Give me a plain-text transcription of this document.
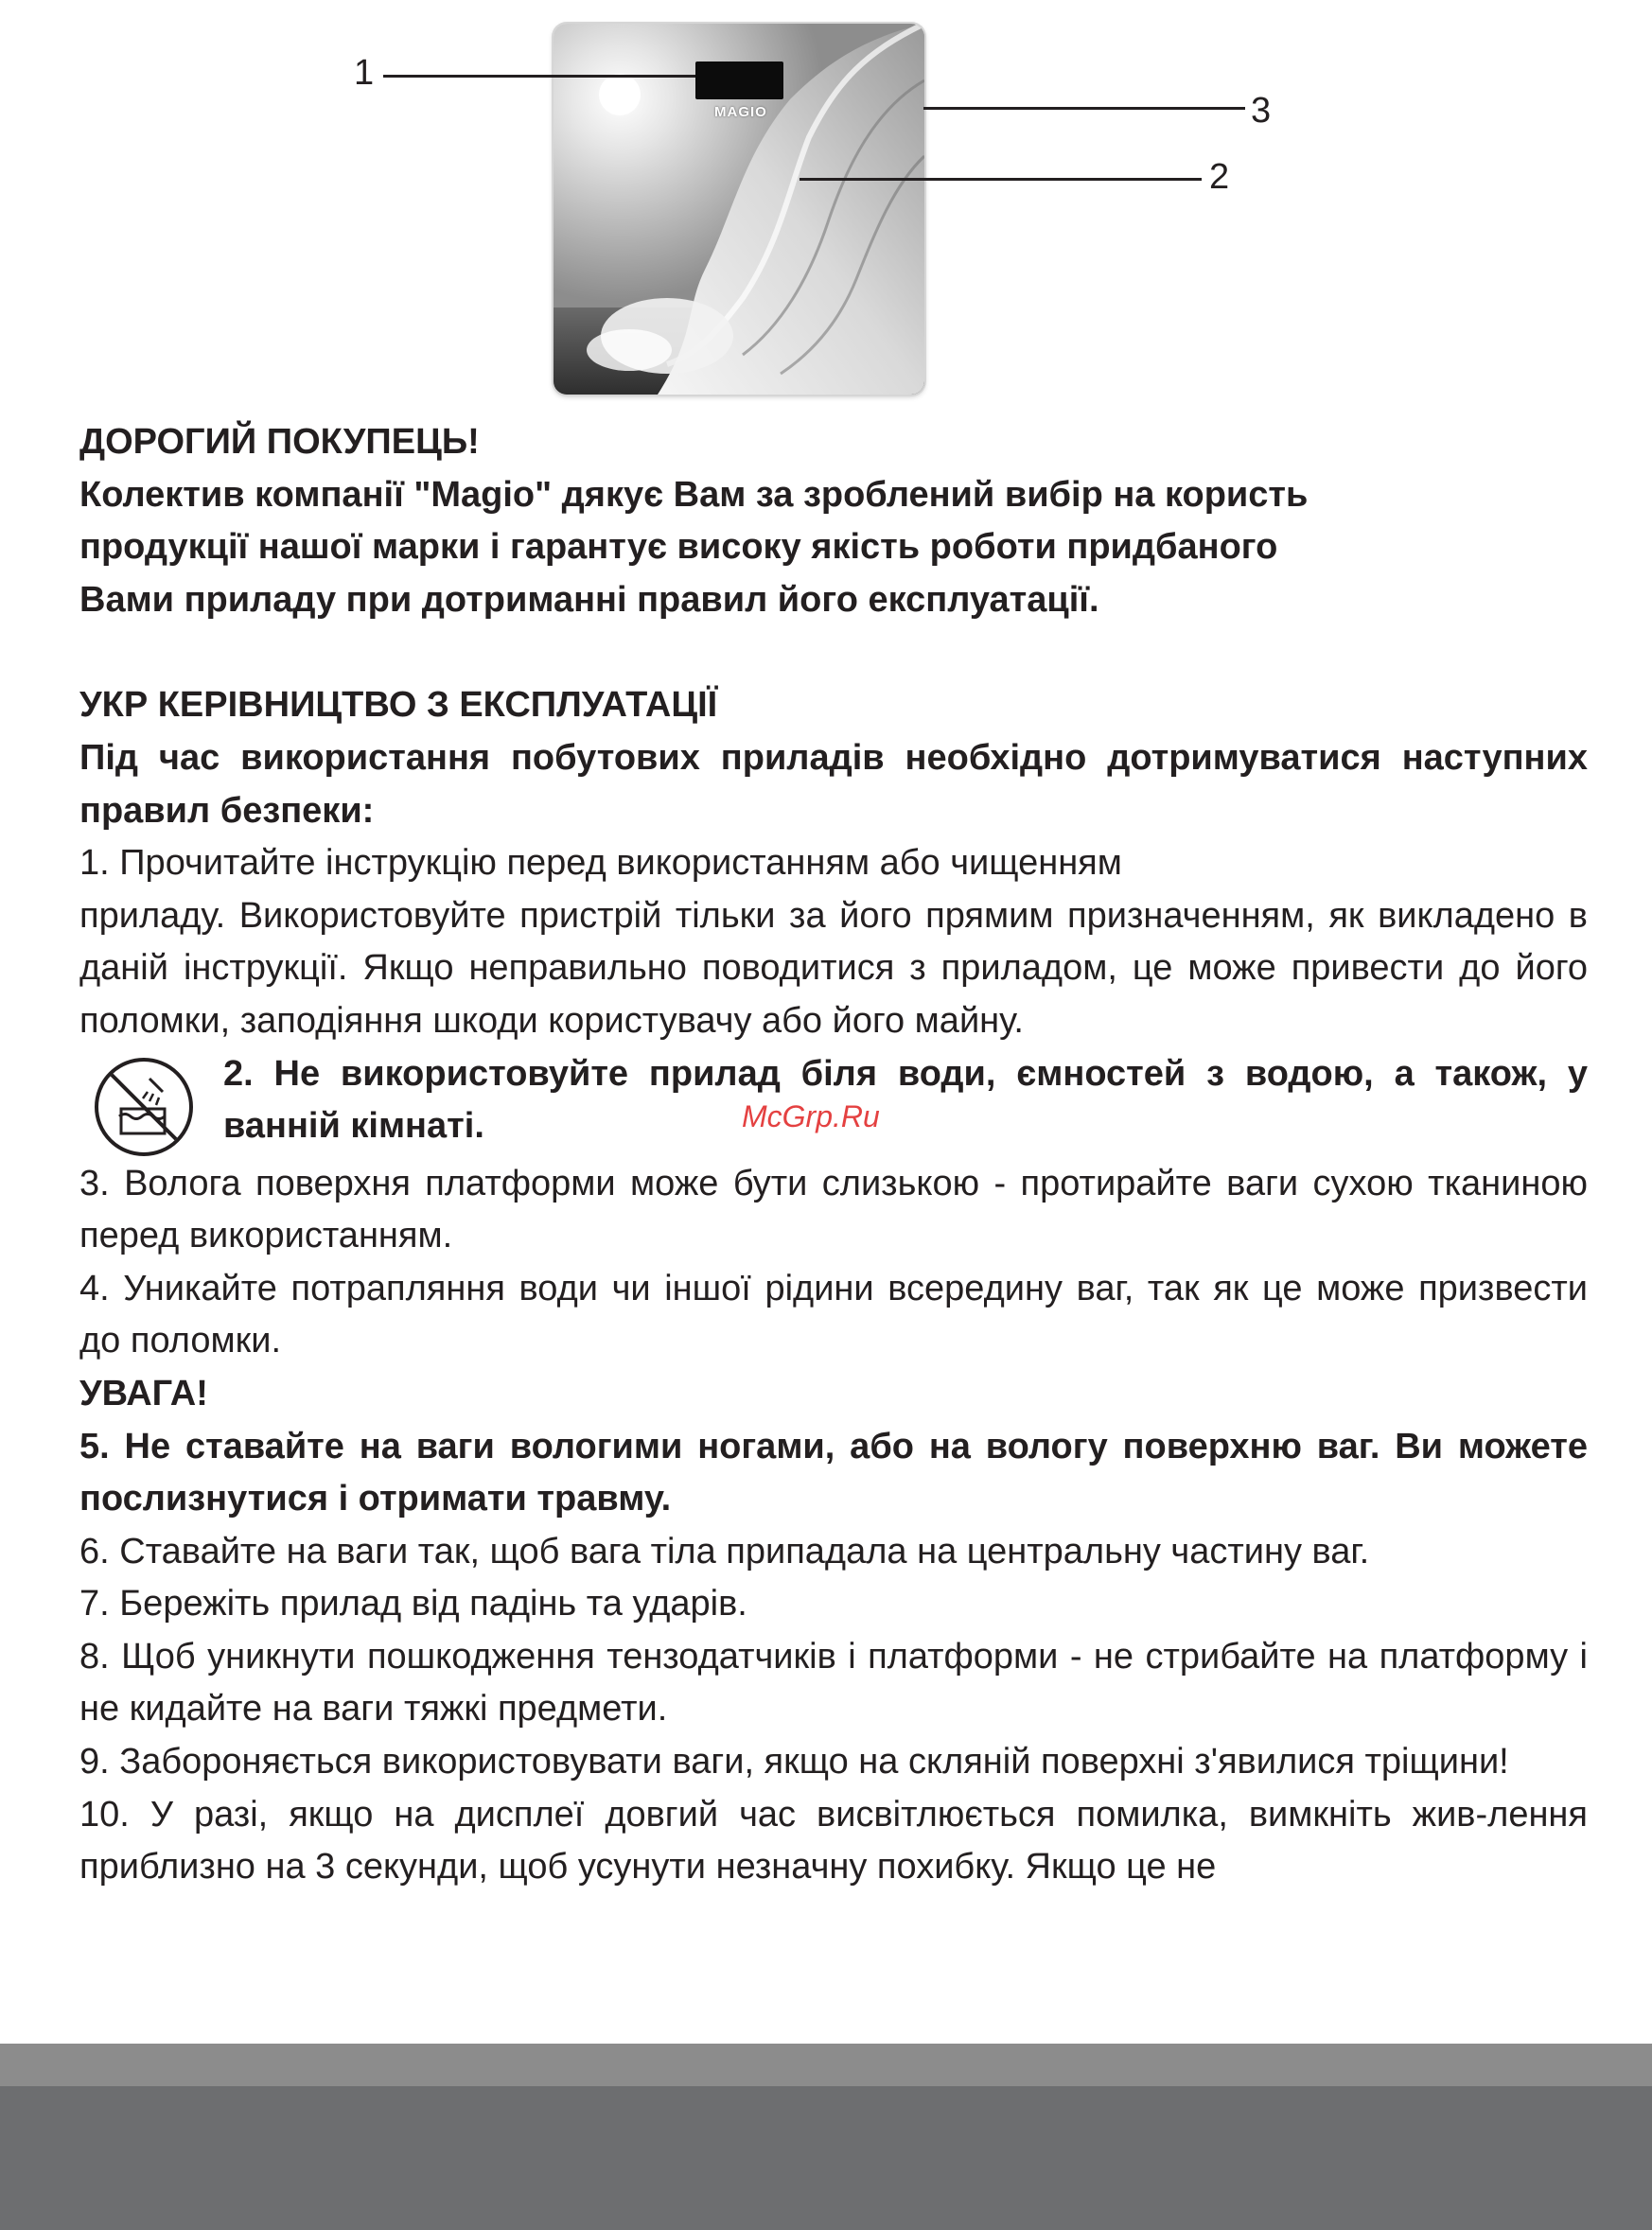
MAGIO
1
3
2

ДОРОГИЙ ПОКУПЕЦЬ!

Колектив компанії "Magio" дякує Вам за зроблений вибір на користь

продукції нашої марки і гарантує високу якість роботи придбаного

Вами приладу при дотриманні правил його експлуатації.

УКР КЕРІВНИЦТВО З ЕКСПЛУАТАЦІЇ

Під час використання побутових приладів необхідно дотримуватися наступних правил безпеки:

1. Прочитайте інструкцію перед використанням або чищенням

приладу. Використовуйте пристрій тільки за його прямим призначенням, як викладено в даній інструкції. Якщо неправильно поводитися з приладом, це може привести до його поломки, заподіяння шкоди користувачу або його майну.

2. Не використовуйте прилад біля води, ємностей з водою, а також, у ванній кімнаті.

3. Волога поверхня платформи може бути слизькою - протирайте ваги сухою тканиною перед використанням.

4. Уникайте потрапляння води чи іншої рідини всередину ваг, так як це може призвести до поломки.

УВАГА!

5. Не ставайте на ваги вологими ногами, або на вологу поверхню ваг. Ви можете послизнутися і отримати травму.

6. Ставайте на ваги так, щоб вага тіла припадала на центральну частину ваг.

7. Бережіть прилад від падінь та ударів.

8. Щоб уникнути пошкодження тензодатчиків і платформи - не стрибайте на платформу і не кидайте на ваги тяжкі предмети.

9. Забороняється використовувати ваги, якщо на скляній поверхні з'явилися тріщини!

10. У разі, якщо на дисплеї довгий час висвітлюється помилка, вимкніть жив-лення приблизно на 3 секунди, щоб усунути незначну похибку. Якщо це не

McGrp.Ru
